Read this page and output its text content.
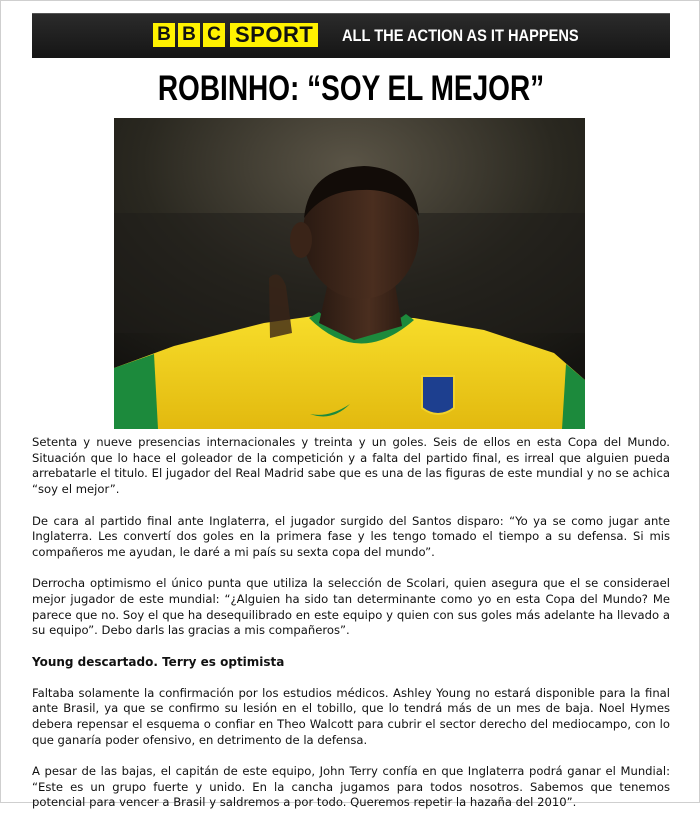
B B C SPORT ALL THE ACTION AS IT HAPPENS
ROBINHO: “SOY EL MEJOR”

Setenta y nueve presencias internacionales y treinta y un goles. Seis de ellos en esta Copa del Mundo. Situación que lo hace el goleador de la competición y a falta del partido final, es irreal que alguien pueda arrebatarle el titulo. El jugador del Real Madrid sabe que es una de las figuras de este mundial y no se achica “soy el mejor”.

De cara al partido final ante Inglaterra, el jugador surgido del Santos disparo: “Yo ya se como jugar ante Inglaterra. Les convertí dos goles en la primera fase y les tengo tomado el tiempo a su defensa. Si mis compañeros me ayudan, le daré a mi país su sexta copa del mundo”.

Derrocha optimismo el único punta que utiliza la selección de Scolari, quien asegura que el se considerael mejor jugador de este mundial: “¿Alguien ha sido tan determinante como yo en esta Copa del Mundo? Me parece que no. Soy el que ha desequilibrado en este equipo y quien con sus goles más adelante ha llevado a su equipo”. Debo darls las gracias a mis compañeros”.

Young descartado. Terry es optimista

Faltaba solamente la confirmación por los estudios médicos. Ashley Young no estará disponible para la final ante Brasil, ya que se confirmo su lesión en el tobillo, que lo tendrá más de un mes de baja. Noel Hymes debera repensar el esquema o confiar en Theo Walcott para cubrir el sector derecho del mediocampo, con lo que ganaría poder ofensivo, en detrimento de la defensa.

A pesar de las bajas, el capitán de este equipo, John Terry confía en que Inglaterra podrá ganar el Mundial: “Este es un grupo fuerte y unido. En la cancha jugamos para todos nosotros. Sabemos que tenemos potencial para vencer a Brasil y saldremos a por todo. Queremos repetir la hazaña del 2010”.
